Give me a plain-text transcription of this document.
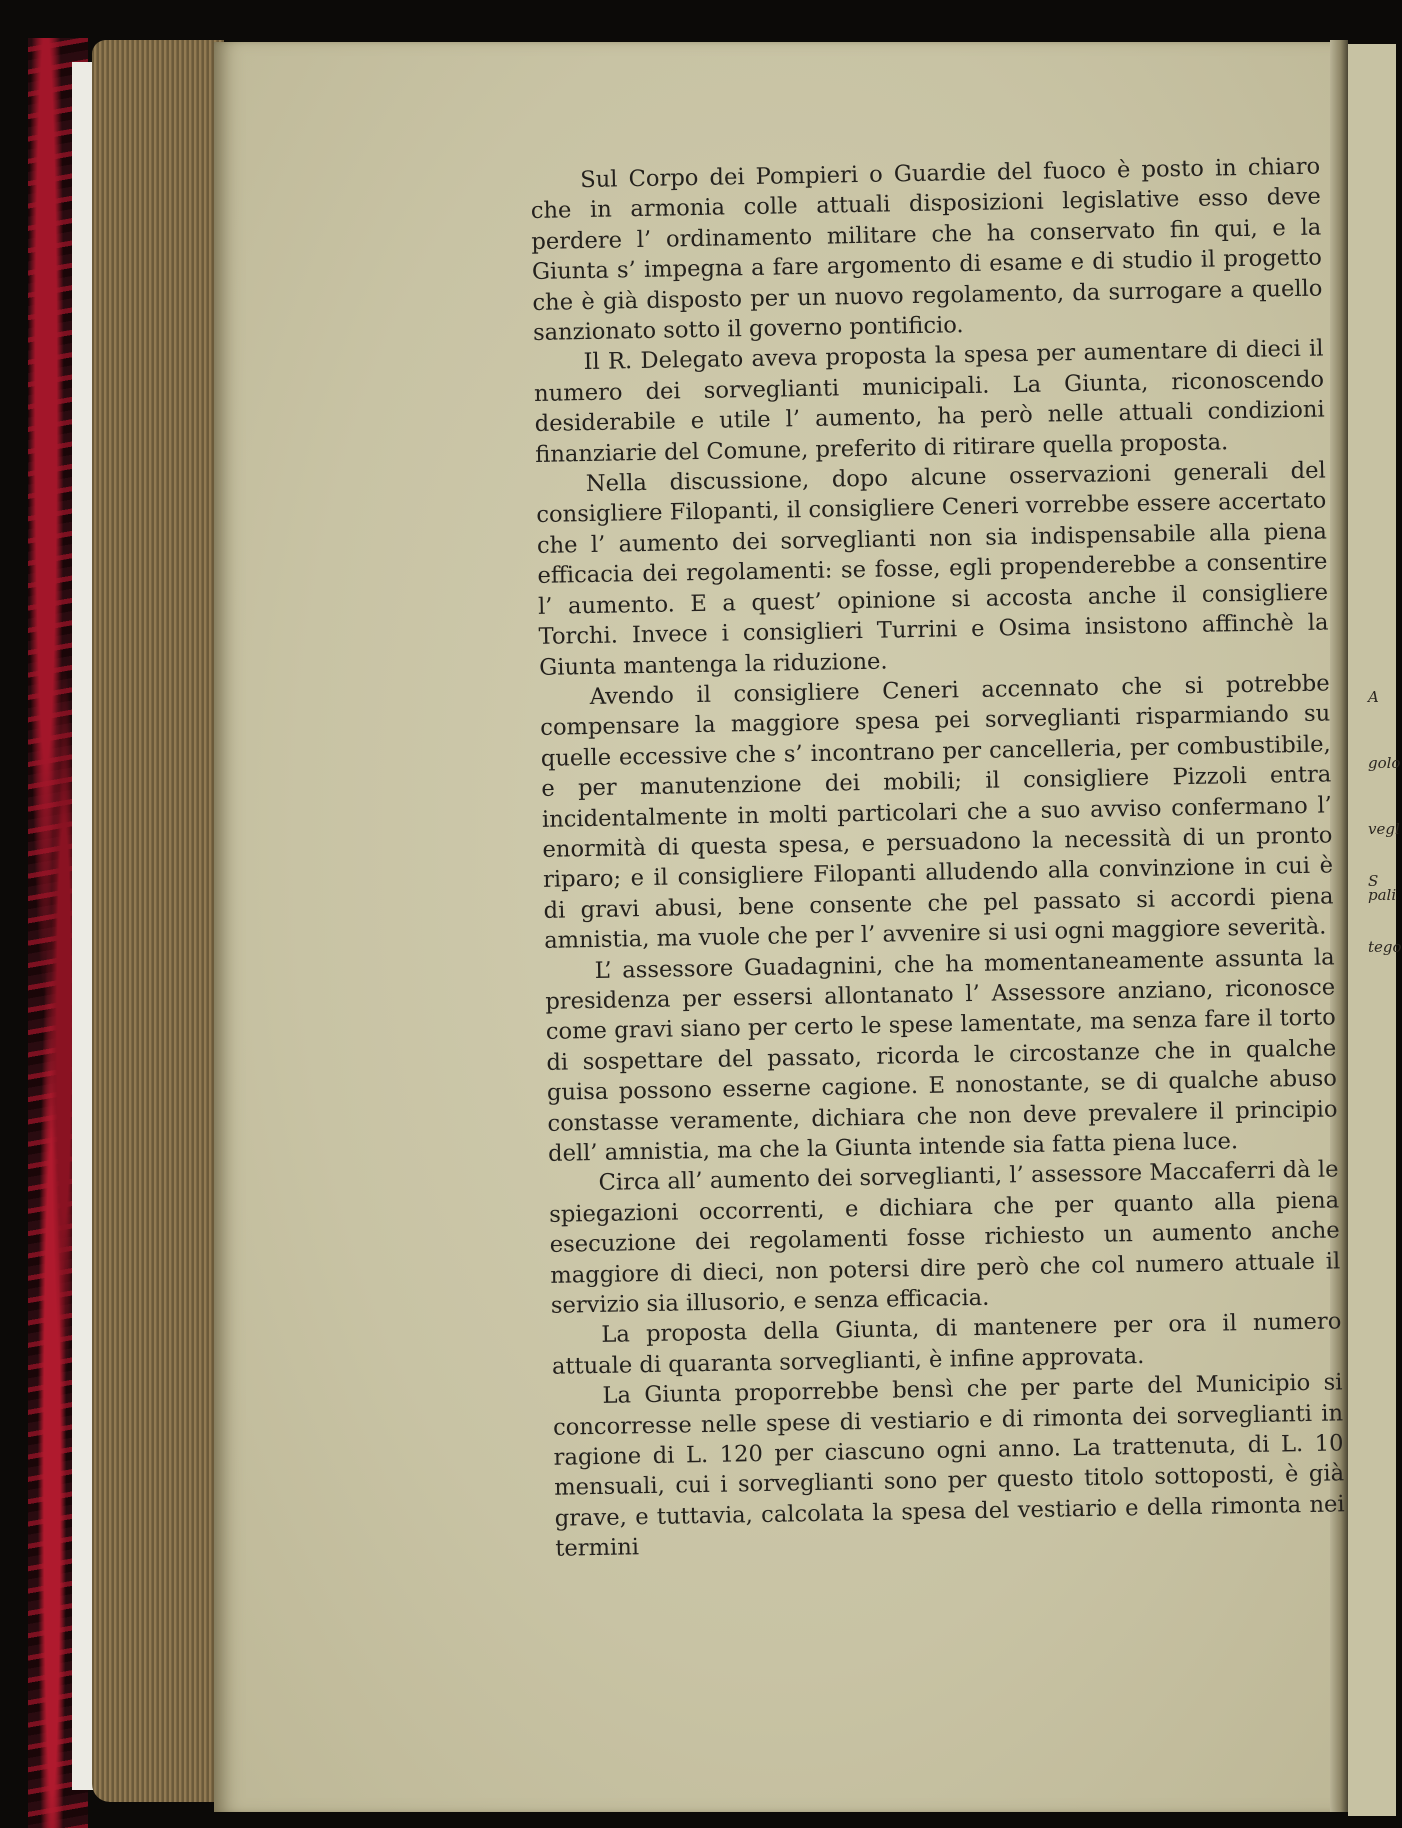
A

golo

vegl

pali

S

tego

Sul Corpo dei Pompieri o Guardie del fuoco è posto in chiaro che in armonia colle attuali disposizioni legislative esso deve perdere l’ ordinamento militare che ha conservato fin qui, e la Giunta s’ impegna a fare argomento di esame e di studio il progetto che è già disposto per un nuovo regolamento, da surrogare a quello sanzionato sotto il governo pontificio.

Il R. Delegato aveva proposta la spesa per aumentare di dieci il numero dei sorveglianti municipali. La Giunta, riconoscendo desiderabile e utile l’ aumento, ha però nelle attuali condizioni finanziarie del Comune, preferito di ritirare quella proposta.

Nella discussione, dopo alcune osservazioni generali del consigliere Filopanti, il consigliere Ceneri vorrebbe essere accertato che l’ aumento dei sorveglianti non sia indispensabile alla piena efficacia dei regolamenti: se fosse, egli propenderebbe a consentire l’ aumento. E a quest’ opinione si accosta anche il consigliere Torchi. Invece i consiglieri Turrini e Osima insistono affinchè la Giunta mantenga la riduzione.

Avendo il consigliere Ceneri accennato che si potrebbe compensare la maggiore spesa pei sorveglianti risparmiando su quelle eccessive che s’ incontrano per cancelleria, per combustibile, e per manutenzione dei mobili; il consigliere Pizzoli entra incidentalmente in molti particolari che a suo avviso confermano l’ enormità di questa spesa, e persuadono la necessità di un pronto riparo; e il consigliere Filopanti alludendo alla convinzione in cui è di gravi abusi, bene consente che pel passato si accordi piena amnistia, ma vuole che per l’ avvenire si usi ogni maggiore severità.

L’ assessore Guadagnini, che ha momentaneamente assunta la presidenza per essersi allontanato l’ Assessore anziano, riconosce come gravi siano per certo le spese lamentate, ma senza fare il torto di sospettare del passato, ricorda le circostanze che in qualche guisa possono esserne cagione. E nonostante, se di qualche abuso constasse veramente, dichiara che non deve prevalere il principio dell’ amnistia, ma che la Giunta intende sia fatta piena luce.

Circa all’ aumento dei sorveglianti, l’ assessore Maccaferri dà le spiegazioni occorrenti, e dichiara che per quanto alla piena esecuzione dei regolamenti fosse richiesto un aumento anche maggiore di dieci, non potersi dire però che col numero attuale il servizio sia illusorio, e senza efficacia.

La proposta della Giunta, di mantenere per ora il numero attuale di quaranta sorveglianti, è infine approvata.

La Giunta proporrebbe bensì che per parte del Municipio si concorresse nelle spese di vestiario e di rimonta dei sorveglianti in ragione di L. 120 per ciascuno ogni anno. La trattenuta, di L. 10 mensuali, cui i sorveglianti sono per questo titolo sottoposti, è già grave, e tuttavia, calcolata la spesa del vestiario e della rimonta nei termini
